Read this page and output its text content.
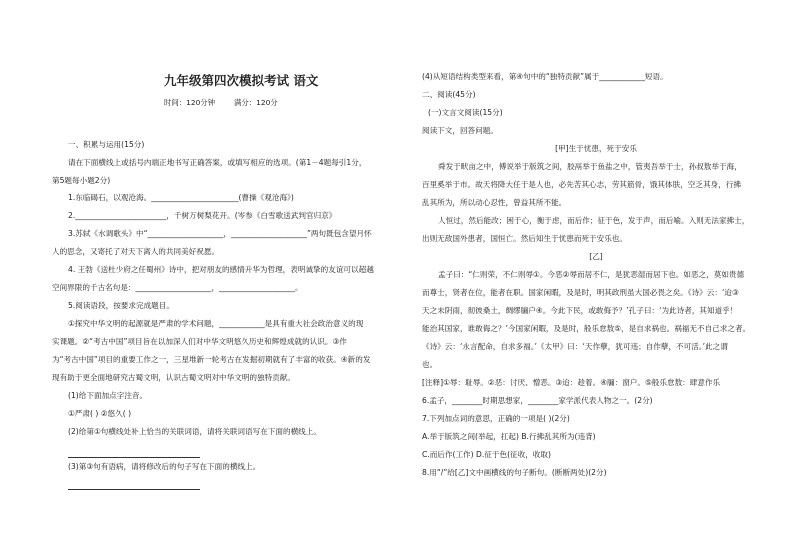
九年级第四次模拟考试 语文
时间：120分钟	满分：120分
一、积累与运用(15分)
请在下面横线上或括号内端正地书写正确答案，或填写相应的选项。(第1－4题每引1分，
第5题每小题2分)
1.东临碣石，以观沧海。_______________________(曹操《观沧海》)
2.________________________，千树万树梨花开。(岑参《白雪歌送武判官归京》
3.苏轼《水调歌头》中“____________________，____________________”两句既包含望月怀
人的思念，又寄托了对天下离人的共同美好祝愿。
4. 王勃《送杜少府之任蜀州》诗中，把对朋友的感情升华为哲理，表明诚挚的友谊可以超越
空间界限的千古名句是：____________________，____________________。
5.阅读语段，按要求完成题目。
①探究中华文明的起源就是严肃的学术问题，____________是具有重大社会政治意义的现
实课题。②“考古中国”项目旨在以加深人们对中华文明悠久历史和辉煌成就的认识。③作
为“考古中国”项目的重要工作之一，三星堆新一轮考古在发掘初期就有了丰富的收获。④新的发
现有助于更全面地研究古蜀文明，认识古蜀文明对中华文明的独特贡献。
(1)给下面加点字注音。
①严肃( ) ②悠久( )
(2)给第①句横线处补上恰当的关联词语，请将关联词语写在下面的横线上。
(3)第③句有语病，请将修改后的句子写在下面的横线上。
(4)从短语结构类型来看，第④句中的“独特贡献”属于____________短语。
二、阅读(45分)
(一)文言文阅读(15分)
阅读下文，回答问题。
[甲]生于忧患，死于安乐
舜发于畎亩之中，傅说举于版筑之间，胶鬲举于鱼盐之中，管夷吾举于士，孙叔敖举于海，
百里奚举于市。故天将降大任于是人也，必先苦其心志，劳其筋骨，饿其体肤，空乏其身，行拂
乱其所为，所以动心忍性，曾益其所不能。
人恒过，然后能改；困于心，衡于虑，而后作；征于色，发于声，而后喻。入则无法家拂士，
出则无敌国外患者，国恒亡。然后知生于忧患而死于安乐也。
[乙]
孟子曰：“仁则荣，不仁则辱①。今恶②辱而居不仁，是犹恶湿而居下也。如恶之，莫如贵德
而尊士，贤者在位，能者在职。国家闲暇，及是时，明其政刑虽大国必畏之矣。《诗》云：‘迨③
天之未阴雨，彻彼桑土，绸缪牖户④。今此下民，或敢侮予？’孔子曰：‘为此诗者，其知道乎！
能治其国家，谁敢侮之？’今国家闲暇，及是时，般乐怠敖⑤，是自求祸也。祸福无不自己求之者。
《诗》云：‘永言配命，自求多福。’《太甲》曰：‘天作孽，犹可违；自作孽，不可活。’此之谓
也。
[注释]①辱：耻辱。②恶：讨厌、憎恶。③迨：趁着。④牖：窗户。⑤般乐怠敖：肆意作乐
6.孟子，________时期思想家，________家学派代表人物之一。(2分)
7.下列加点词的意思，正确的一项是( )(2分)
A.举于版筑之间(举起，扛起) B.行拂乱其所为(违背)
C.而后作(工作) D.征于色(征收，收取)
8.用“/”给[乙]文中画横线的句子断句。(断断两处)(2分)
